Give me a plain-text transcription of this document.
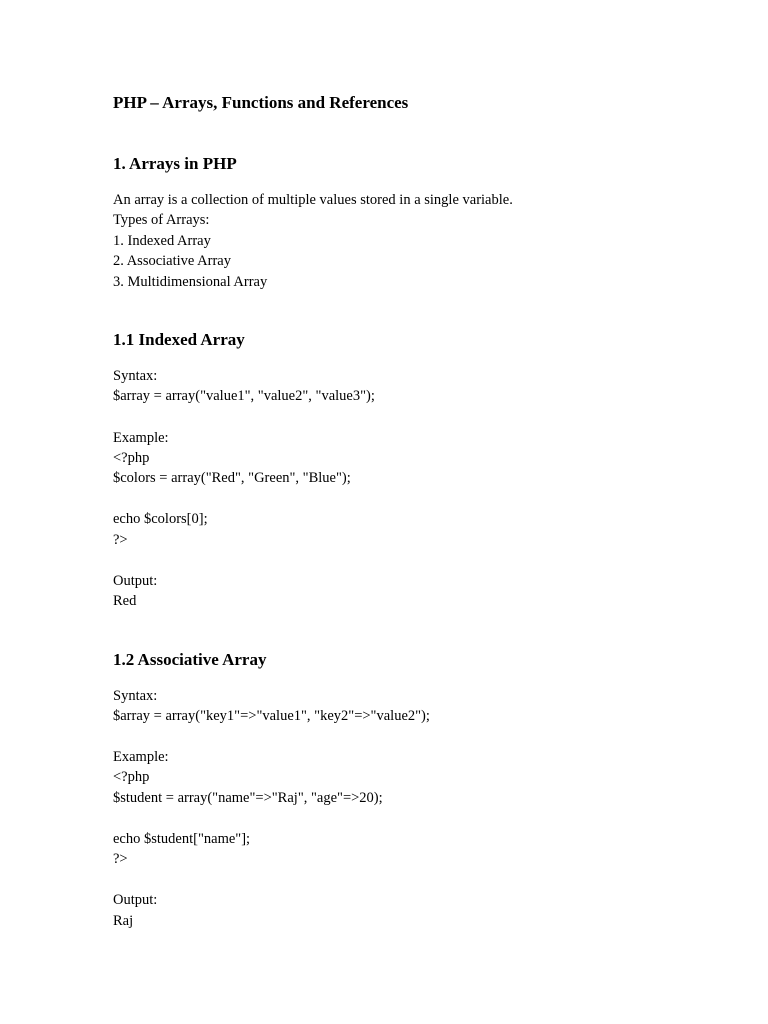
PHP – Arrays, Functions and References
1. Arrays in PHP

An array is a collection of multiple values stored in a single variable.

Types of Arrays:

1. Indexed Array

2. Associative Array

3. Multidimensional Array

1.1 Indexed Array

Syntax:

$array = array("value1", "value2", "value3");

Example:

<?php

$colors = array("Red", "Green", "Blue");

echo $colors[0];

?>

Output:

Red

1.2 Associative Array

Syntax:

$array = array("key1"=>"value1", "key2"=>"value2");

Example:

<?php

$student = array("name"=>"Raj", "age"=>20);

echo $student["name"];

?>

Output:

Raj
